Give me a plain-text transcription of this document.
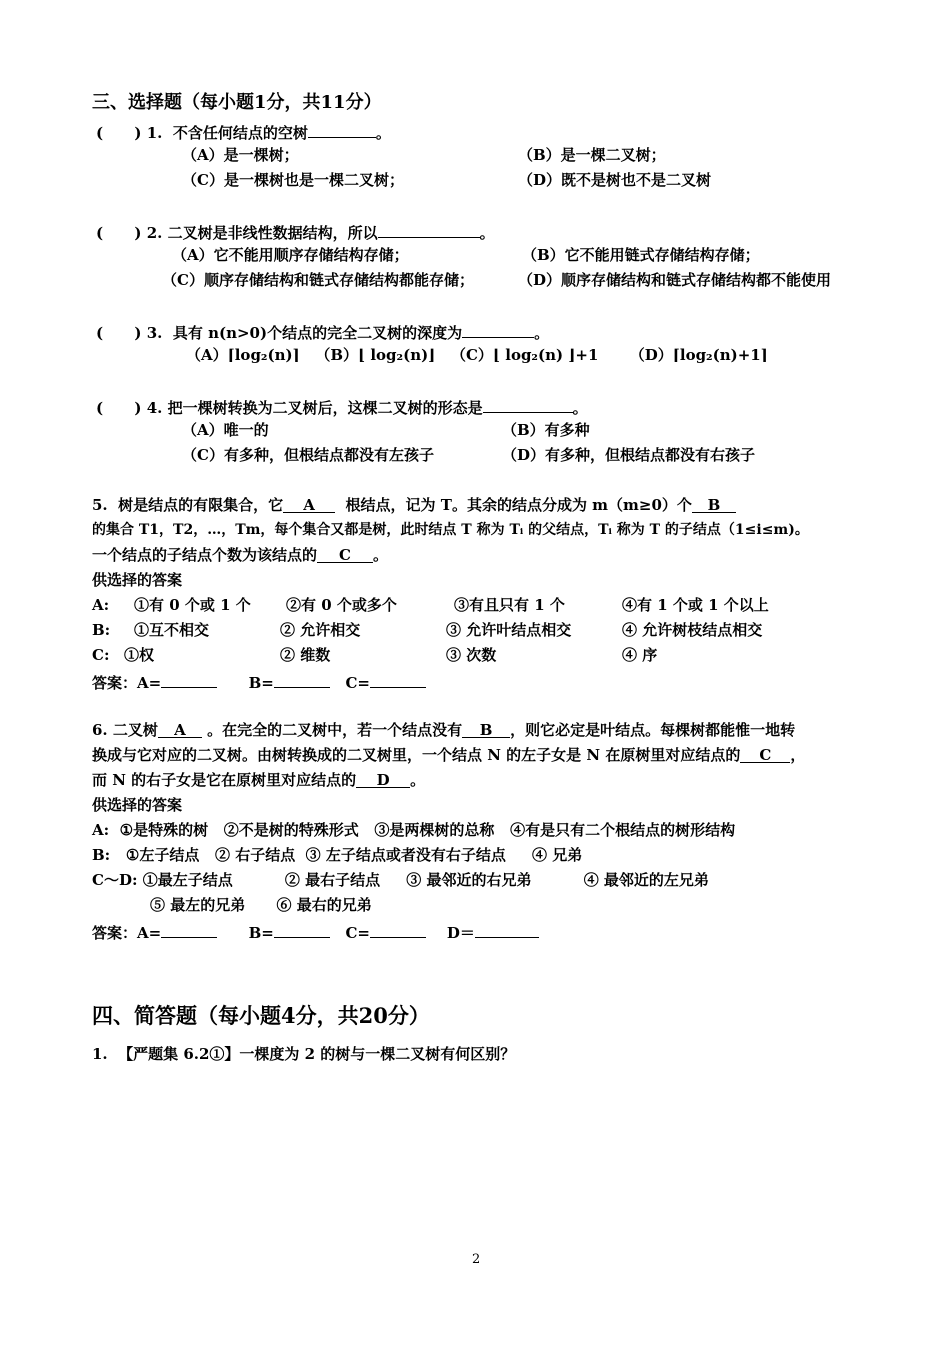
三、选择题（每小题1分，共11分）
(      ) 1.  不含任何结点的空树	。
（A）是一棵树；	（B）是一棵二叉树；
（C）是一棵树也是一棵二叉树；	（D）既不是树也不是二叉树
(      ) 2. 二叉树是非线性数据结构，所以	。
（A）它不能用顺序存储结构存储；	（B）它不能用链式存储结构存储；
（C）顺序存储结构和链式存储结构都能存储；	（D）顺序存储结构和链式存储结构都不能使用
(      ) 3.  具有 n(n>0)个结点的完全二叉树的深度为	。
（A）⌈log₂(n)⌉   （B）⌊ log₂(n)⌋   （C）⌊ log₂(n) ⌋+1      （D）⌈log₂(n)+1⌉
(      ) 4. 把一棵树转换为二叉树后，这棵二叉树的形态是	。
（A）唯一的	（B）有多种
（C）有多种，但根结点都没有左孩子	（D）有多种，但根结点都没有右孩子
5.  树是结点的有限集合，它 A  根结点，记为 T。其余的结点分成为 m（m≥0）个 B
的集合 T1，T2，…，Tm，每个集合又都是树，此时结点 T 称为 Tᵢ 的父结点，Tᵢ 称为 T 的子结点（1≤i≤m)。
一个结点的子结点个数为该结点的 C 。
供选择的答案
A: ①有 0 个或 1 个 ②有 0 个或多个	③有且只有 1 个	④有 1 个或 1 个以上
B: ①互不相交	② 允许相交	③ 允许叶结点相交	④ 允许树枝结点相交
C: ①权	② 维数	③ 次数	④ 序
答案：A=	B=	C=
6. 二叉树 A 。在完全的二叉树中，若一个结点没有 B ，则它必定是叶结点。每棵树都能惟一地转
换成与它对应的二叉树。由树转换成的二叉树里，一个结点 N 的左子女是 N 在原树里对应结点的 C ，
而 N 的右子女是它在原树里对应结点的 D 。
供选择的答案
A:  ①是特殊的树   ②不是树的特殊形式   ③是两棵树的总称   ④有是只有二个根结点的树形结构
B:   ①左子结点   ② 右子结点  ③ 左子结点或者没有右子结点     ④ 兄弟
C～D: ①最左子结点          ② 最右子结点     ③ 最邻近的右兄弟          ④ 最邻近的左兄弟
⑤ 最左的兄弟      ⑥ 最右的兄弟
答案：A=	B=	C=	D＝
四、简答题（每小题4分，共20分）
1.  【严题集 6.2①】一棵度为 2 的树与一棵二叉树有何区别？
2
